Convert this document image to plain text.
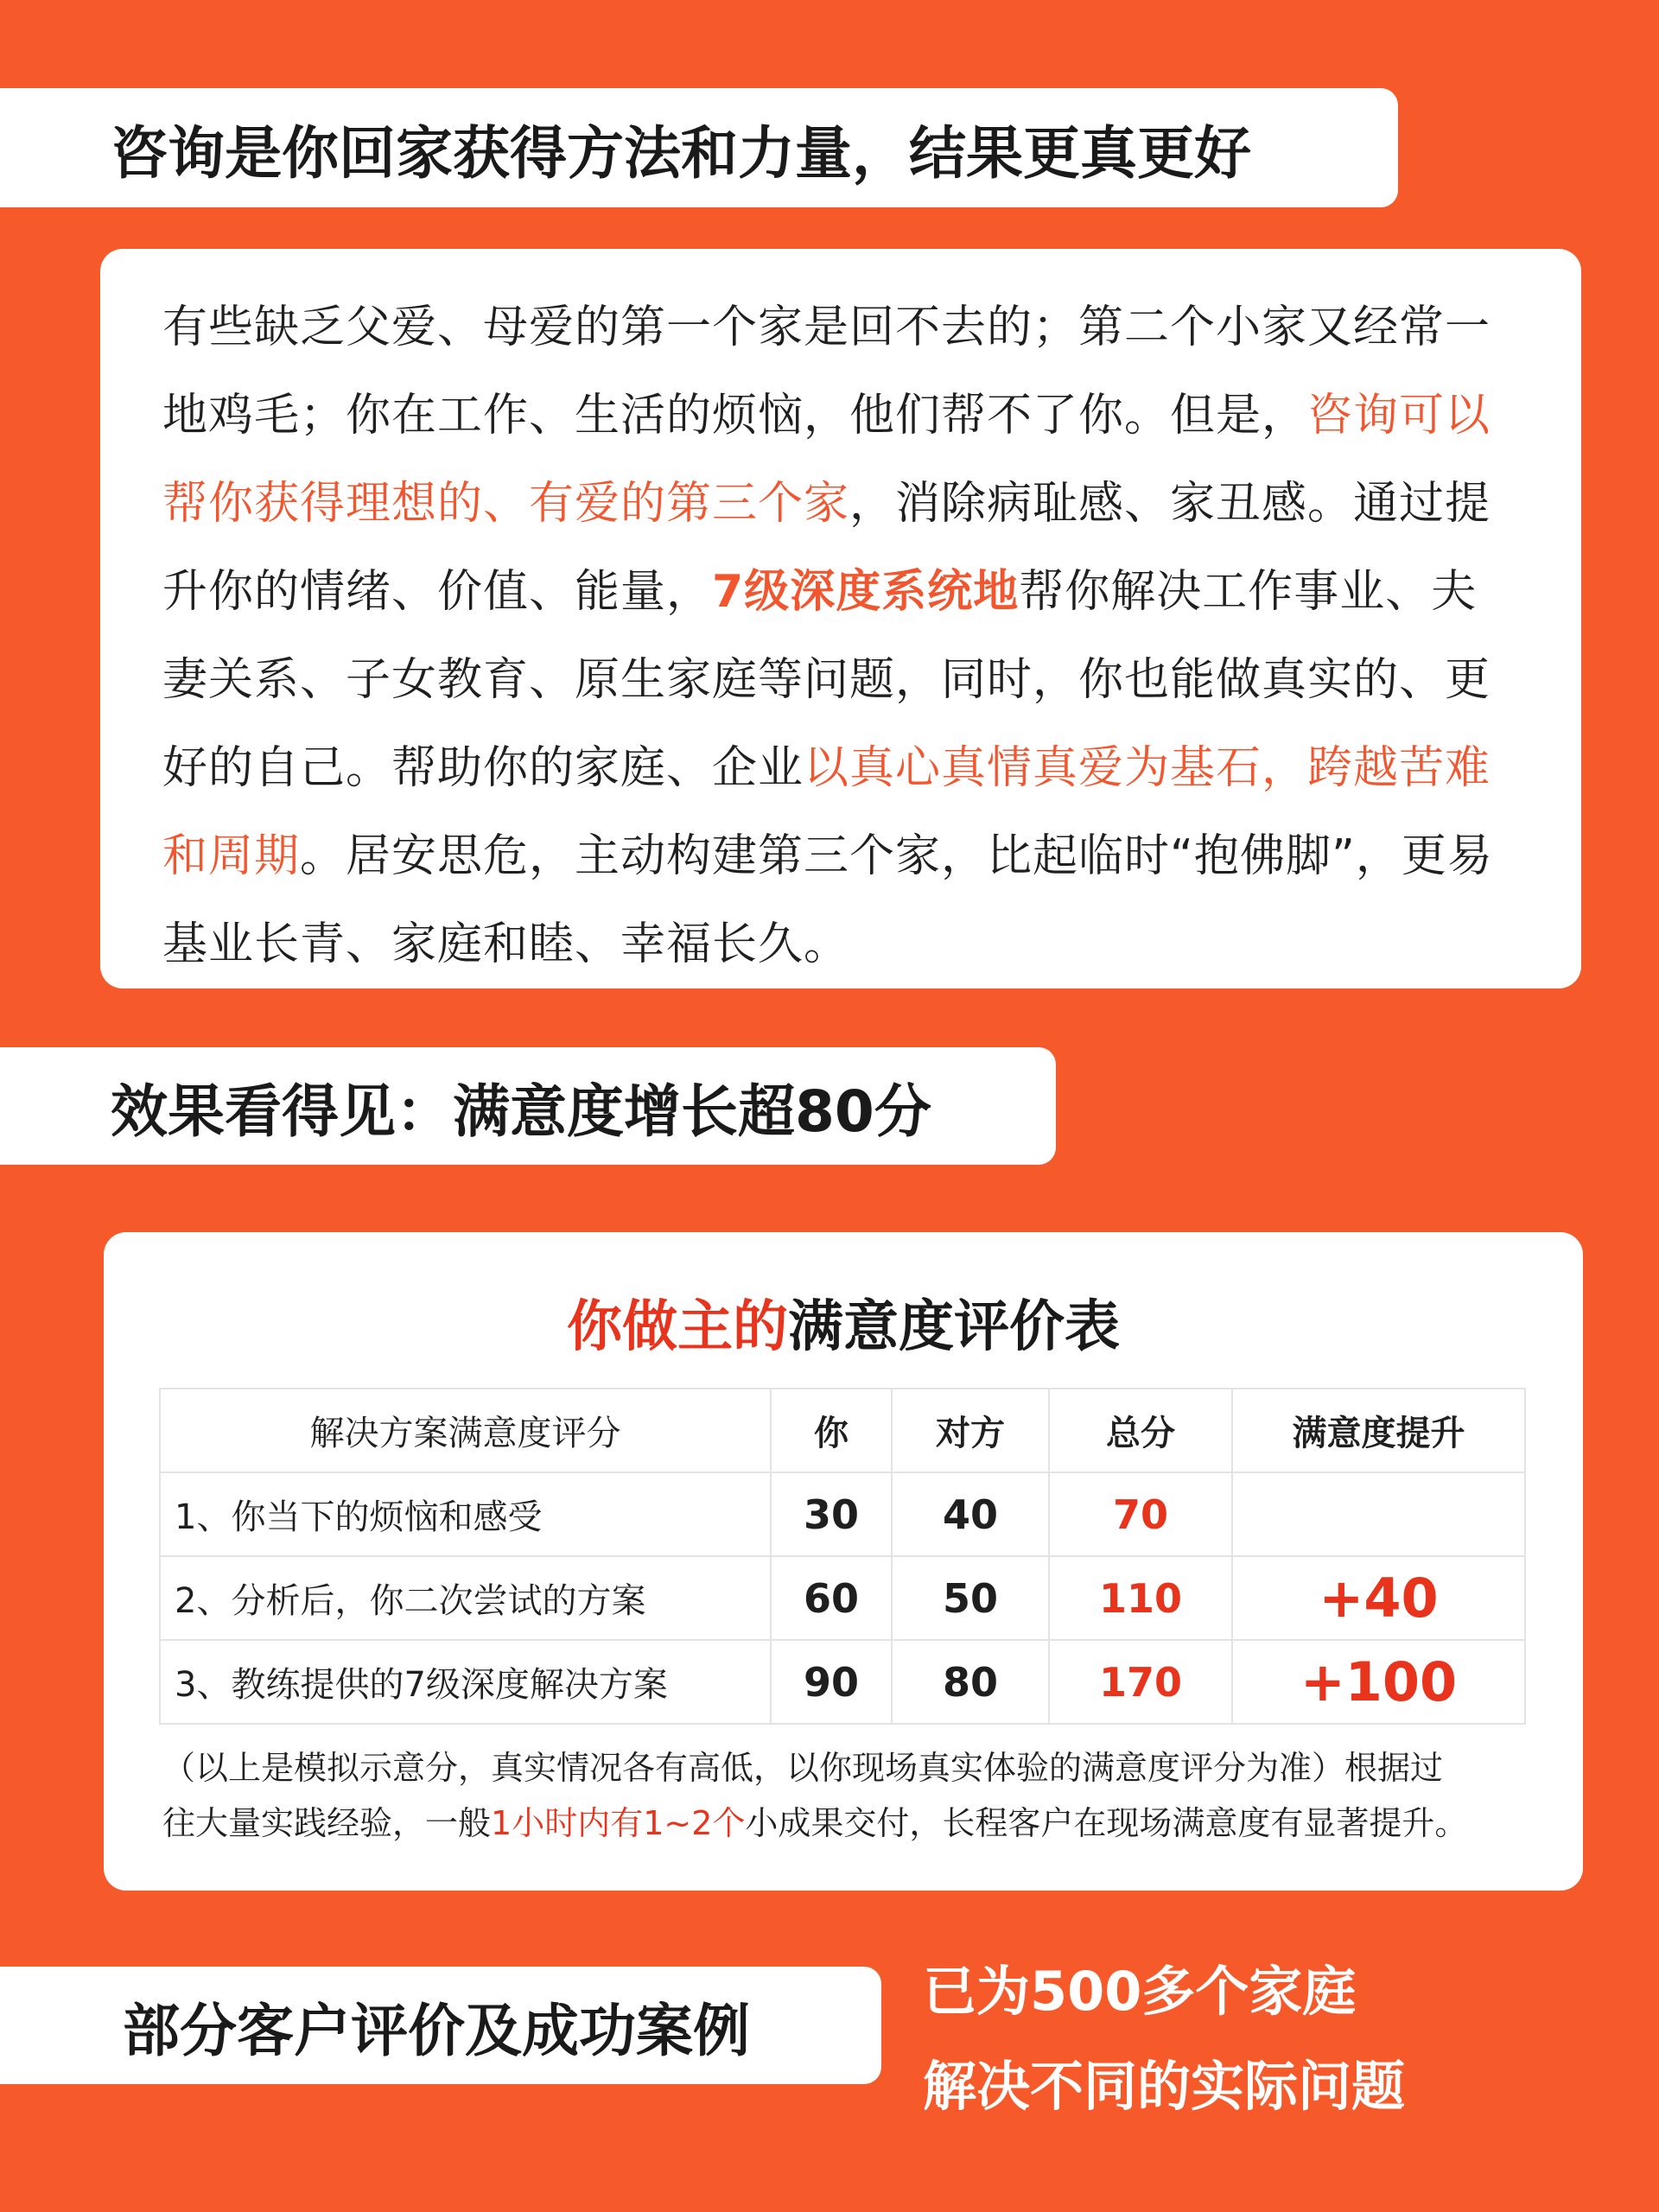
咨询是你回家获得方法和力量，结果更真更好

有些缺乏父爱、母爱的第一个家是回不去的；第二个小家又经常一地鸡毛；你在工作、生活的烦恼，他们帮不了你。但是，咨询可以帮你获得理想的、有爱的第三个家，消除病耻感、家丑感。通过提升你的情绪、价值、能量，7级深度系统地帮你解决工作事业、夫妻关系、子女教育、原生家庭等问题，同时，你也能做真实的、更好的自己。帮助你的家庭、企业以真心真情真爱为基石，跨越苦难和周期。居安思危，主动构建第三个家，比起临时“抱佛脚”，更易基业长青、家庭和睦、幸福长久。

效果看得见：满意度增长超80分
你做主的满意度评价表
解决方案满意度评分	你	对方	总分	满意度提升
1、你当下的烦恼和感受	30	40	70	
2、分析后，你二次尝试的方案	60	50	110	+40
3、教练提供的7级深度解决方案	90	80	170	+100

（以上是模拟示意分，真实情况各有高低，以你现场真实体验的满意度评分为准）根据过
往大量实践经验，一般1小时内有1~2个小成果交付，长程客户在现场满意度有显著提升。

部分客户评价及成功案例
已为500多个家庭
解决不同的实际问题
